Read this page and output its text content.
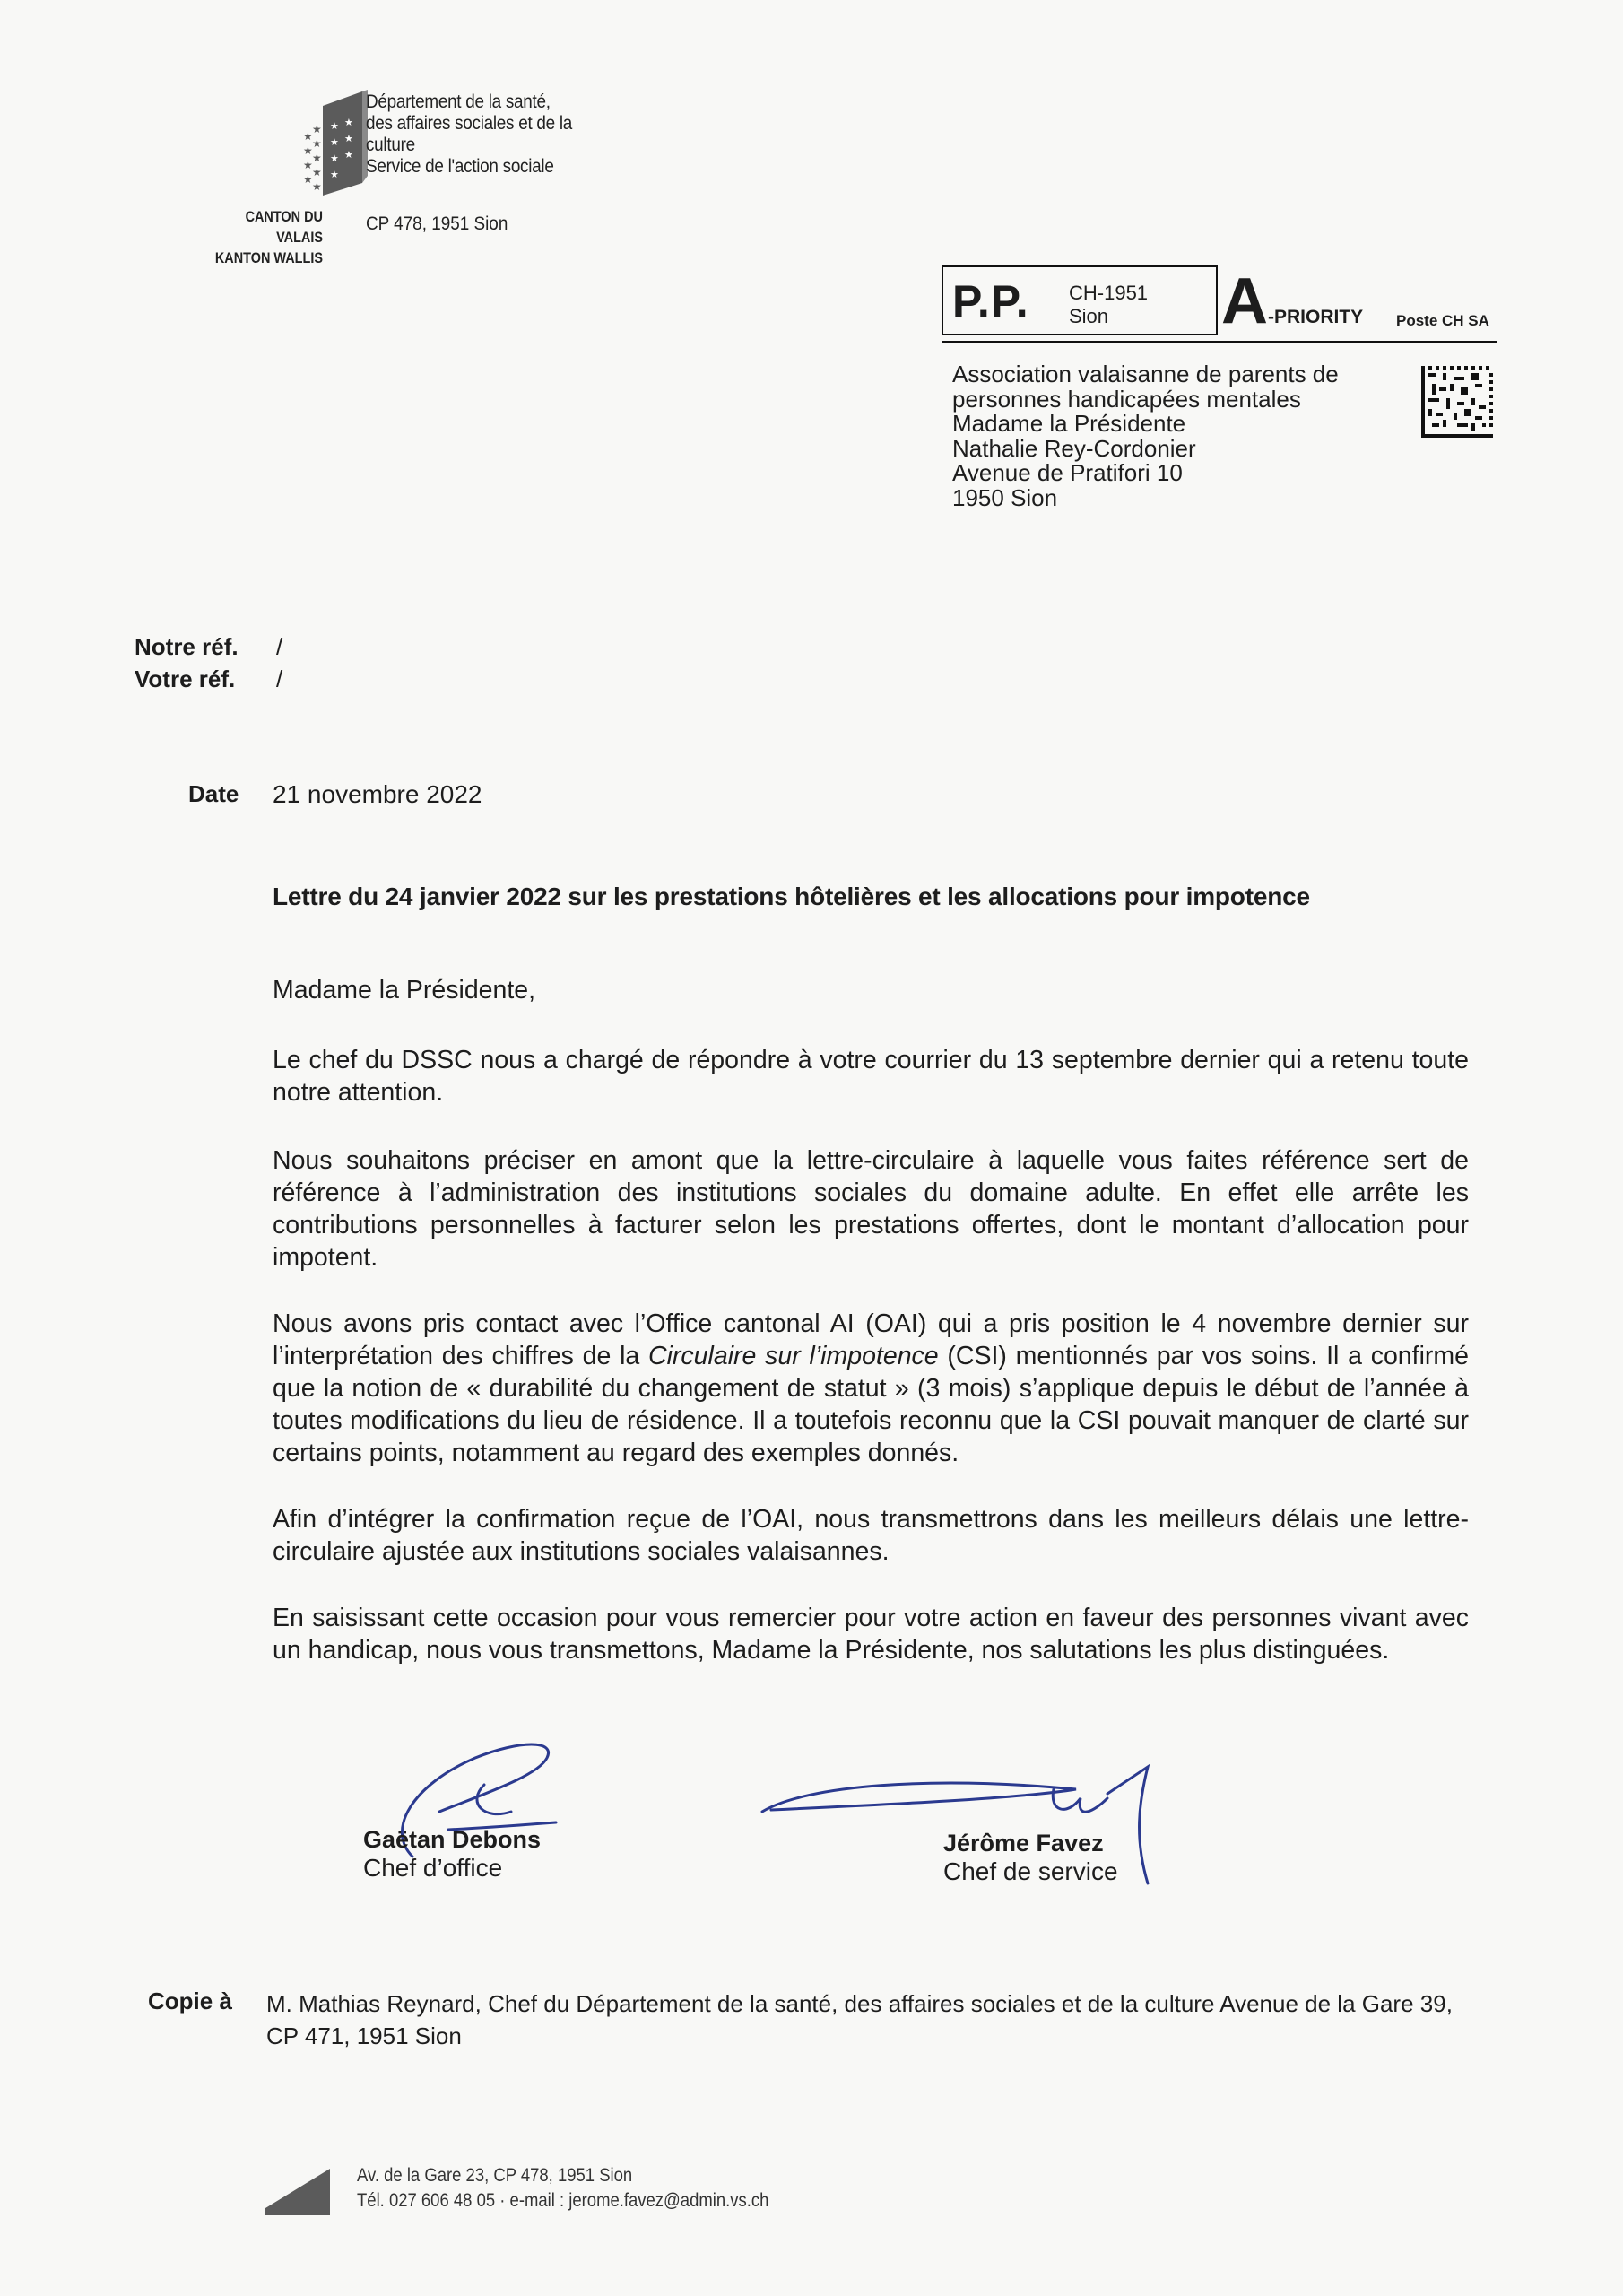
★
★
★
★
★
★
★
★
★
★ ★
★ ★
★ ★
★
Département de la santé,
des affaires sociales et de la
culture
Service de l'action sociale
CANTON DU VALAIS
KANTON WALLIS
CP 478, 1951 Sion
P.P. CH-1951
Sion	A -PRIORITY Poste CH SA
Association valaisanne de parents de
personnes handicapées mentales
Madame la Présidente
Nathalie Rey-Cordonier
Avenue de Pratifori 10
1950 Sion
Notre réf. /
Votre réf.	/
Date 21 novembre 2022
Lettre du 24 janvier 2022 sur les prestations hôtelières et les allocations pour impotence
Madame la Présidente,
Le chef du DSSC nous a chargé de répondre à votre courrier du 13 septembre dernier qui a retenu toute notre attention.
Nous souhaitons préciser en amont que la lettre-circulaire à laquelle vous faites référence sert de référence à l’administration des institutions sociales du domaine adulte. En effet elle arrête les contributions personnelles à facturer selon les prestations offertes, dont le montant d’allocation pour impotent.
Nous avons pris contact avec l’Office cantonal AI (OAI) qui a pris position le 4 novembre dernier sur l’interprétation des chiffres de la Circulaire sur l’impotence (CSI) mentionnés par vos soins. Il a confirmé que la notion de « durabilité du changement de statut » (3 mois) s’applique depuis le début de l’année à toutes modifications du lieu de résidence. Il a toutefois reconnu que la CSI pouvait manquer de clarté sur certains points, notamment au regard des exemples donnés.
Afin d’intégrer la confirmation reçue de l’OAI, nous transmettrons dans les meilleurs délais une lettre-circulaire ajustée aux institutions sociales valaisannes.
En saisissant cette occasion pour vous remercier pour votre action en faveur des personnes vivant avec un handicap, nous vous transmettons, Madame la Présidente, nos salutations les plus distinguées.
Gaëtan Debons
Chef d’office
Jérôme Favez
Chef de service
Copie à M. Mathias Reynard, Chef du Département de la santé, des affaires sociales et de la culture Avenue de la Gare 39, CP 471, 1951 Sion
Av. de la Gare 23, CP 478, 1951 Sion
Tél. 027 606 48 05 · e-mail : jerome.favez@admin.vs.ch
